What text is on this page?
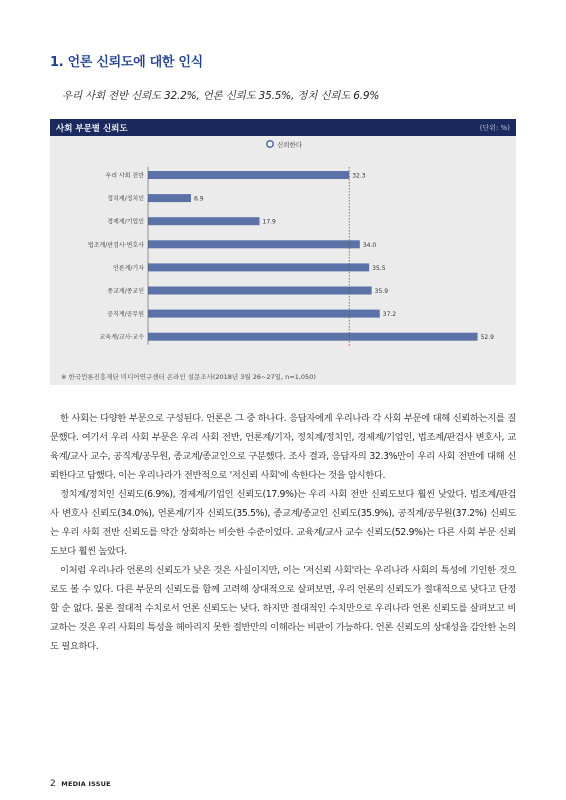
1. 언론 신뢰도에 대한 인식
우리 사회 전반 신뢰도 32.2%, 언론 신뢰도 35.5%, 정치 신뢰도 6.9%
사회 부문별 신뢰도	(단위: %)
신뢰한다
우리 사회 전반	32.3
정치계/정치인	6.9
경제계/기업인	17.9
법조계/판검사·변호사	34.0
언론계/기자	35.5
종교계/종교인	35.9
공직계/공무원	37.2
교육계/교사·교수	52.9
※ 한국언론진흥재단 미디어연구센터 온라인 설문조사(2018년 3월 26~27일, n=1,050)

한 사회는 다양한 부문으로 구성된다. 언론은 그 중 하나다. 응답자에게 우리나라 각 사회 부문에 대해 신뢰하는지를 질문했다. 여기서 우리 사회 부문은 우리 사회 전반, 언론계/기자, 정치계/정치인, 경제계/기업인, 법조계/판검사 변호사, 교육계/교사 교수, 공직계/공무원, 종교계/종교인으로 구분했다. 조사 결과, 응답자의 32.3%만이 우리 사회 전반에 대해 신뢰한다고 답했다. 이는 우리나라가 전반적으로 '저신뢰 사회'에 속한다는 것을 암시한다.

정치계/정치인 신뢰도(6.9%), 경제계/기업인 신뢰도(17.9%)는 우리 사회 전반 신뢰도보다 훨씬 낮았다. 법조계/판검사 변호사 신뢰도(34.0%), 언론계/기자 신뢰도(35.5%), 종교계/종교인 신뢰도(35.9%), 공직계/공무원(37.2%) 신뢰도는 우리 사회 전반 신뢰도를 약간 상회하는 비슷한 수준이었다. 교육계/교사 교수 신뢰도(52.9%)는 다른 사회 부문 신뢰도보다 훨씬 높았다.

이처럼 우리나라 언론의 신뢰도가 낮은 것은 사실이지만, 이는 '저신뢰 사회'라는 우리나라 사회의 특성에 기인한 것으로도 볼 수 있다. 다른 부문의 신뢰도를 함께 고려해 상대적으로 살펴보면, 우리 언론의 신뢰도가 절대적으로 낮다고 단정할 순 없다. 물론 절대적 수치로서 언론 신뢰도는 낮다. 하지만 절대적인 수치만으로 우리나라 언론 신뢰도를 살펴보고 비교하는 것은 우리 사회의 특성을 헤아리지 못한 절반만의 이해라는 비판이 가능하다. 언론 신뢰도의 상대성을 감안한 논의도 필요하다.

2 MEDIA ISSUE
